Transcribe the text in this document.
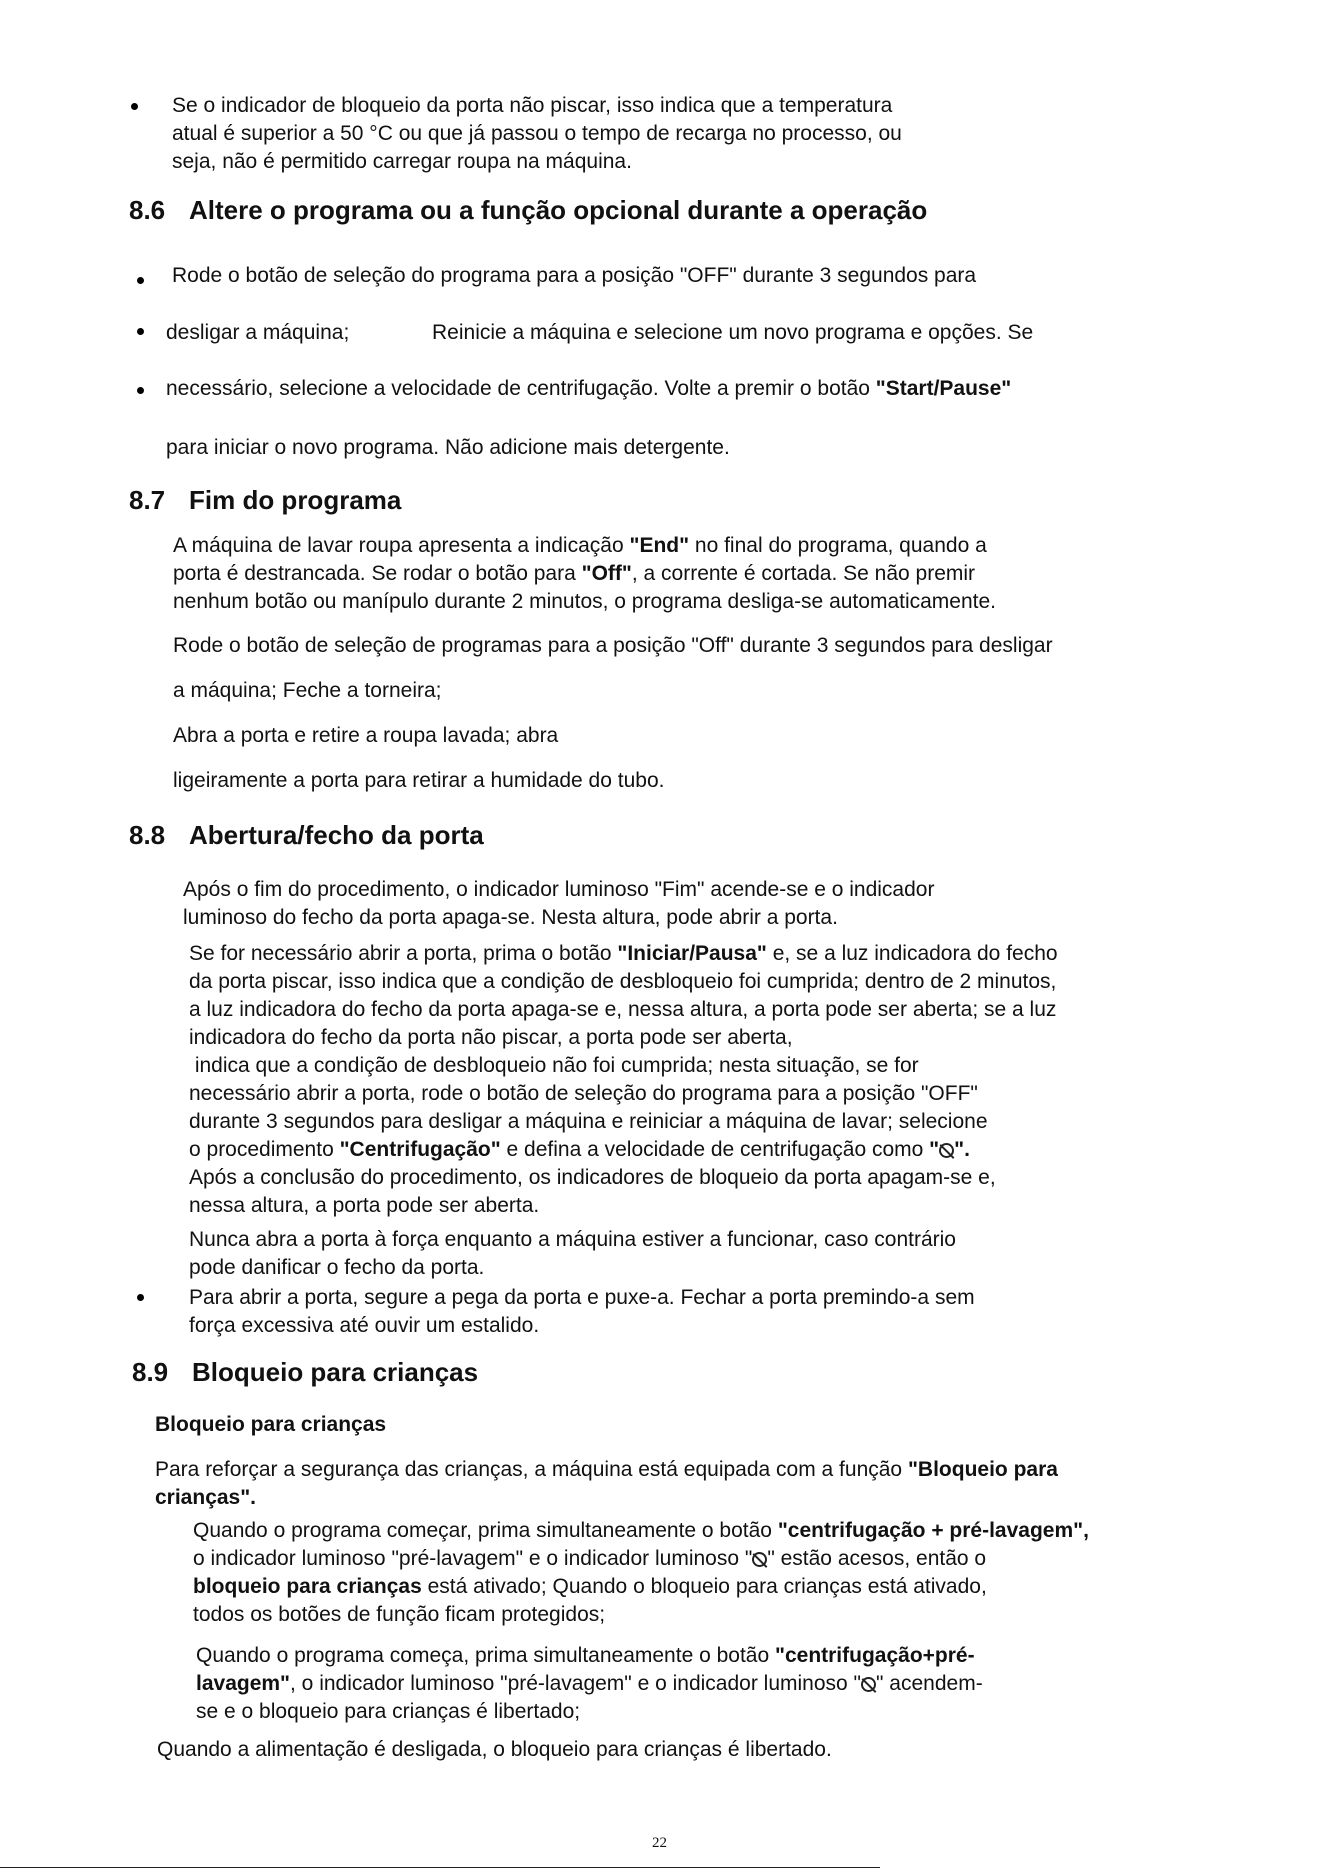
Se o indicador de bloqueio da porta não piscar, isso indica que a temperatura
atual é superior a 50 °C ou que já passou o tempo de recarga no processo, ou
seja, não é permitido carregar roupa na máquina.
8.6 Altere o programa ou a função opcional durante a operação
Rode o botão de seleção do programa para a posição "OFF" durante 3 segundos para
desligar a máquina;	Reinicie a máquina e selecione um novo programa e opções. Se
necessário, selecione a velocidade de centrifugação. Volte a premir o botão "Start/Pause"
para iniciar o novo programa. Não adicione mais detergente.
8.7 Fim do programa
A máquina de lavar roupa apresenta a indicação "End" no final do programa, quando a
porta é destrancada. Se rodar o botão para "Off", a corrente é cortada. Se não premir
nenhum botão ou manípulo durante 2 minutos, o programa desliga-se automaticamente.
Rode o botão de seleção de programas para a posição "Off" durante 3 segundos para desligar
a máquina; Feche a torneira;
Abra a porta e retire a roupa lavada; abra
ligeiramente a porta para retirar a humidade do tubo.
8.8 Abertura/fecho da porta
Após o fim do procedimento, o indicador luminoso "Fim" acende-se e o indicador
luminoso do fecho da porta apaga-se. Nesta altura, pode abrir a porta.
Se for necessário abrir a porta, prima o botão "Iniciar/Pausa" e, se a luz indicadora do fecho
da porta piscar, isso indica que a condição de desbloqueio foi cumprida; dentro de 2 minutos,
a luz indicadora do fecho da porta apaga-se e, nessa altura, a porta pode ser aberta; se a luz
indicadora do fecho da porta não piscar, a porta pode ser aberta,
indica que a condição de desbloqueio não foi cumprida; nesta situação, se for
necessário abrir a porta, rode o botão de seleção do programa para a posição "OFF"
durante 3 segundos para desligar a máquina e reiniciar a máquina de lavar; selecione
o procedimento "Centrifugação" e defina a velocidade de centrifugação como " ".
Após a conclusão do procedimento, os indicadores de bloqueio da porta apagam-se e,
nessa altura, a porta pode ser aberta.
Nunca abra a porta à força enquanto a máquina estiver a funcionar, caso contrário
pode danificar o fecho da porta.
Para abrir a porta, segure a pega da porta e puxe-a. Fechar a porta premindo-a sem
força excessiva até ouvir um estalido.
8.9 Bloqueio para crianças
Bloqueio para crianças
Para reforçar a segurança das crianças, a máquina está equipada com a função "Bloqueio para
crianças".
Quando o programa começar, prima simultaneamente o botão "centrifugação + pré-lavagem",
o indicador luminoso "pré-lavagem" e o indicador luminoso " " estão acesos, então o
bloqueio para crianças está ativado; Quando o bloqueio para crianças está ativado,
todos os botões de função ficam protegidos;
Quando o programa começa, prima simultaneamente o botão "centrifugação+pré-
lavagem", o indicador luminoso "pré-lavagem" e o indicador luminoso " " acendem-
se e o bloqueio para crianças é libertado;
Quando a alimentação é desligada, o bloqueio para crianças é libertado.
22
